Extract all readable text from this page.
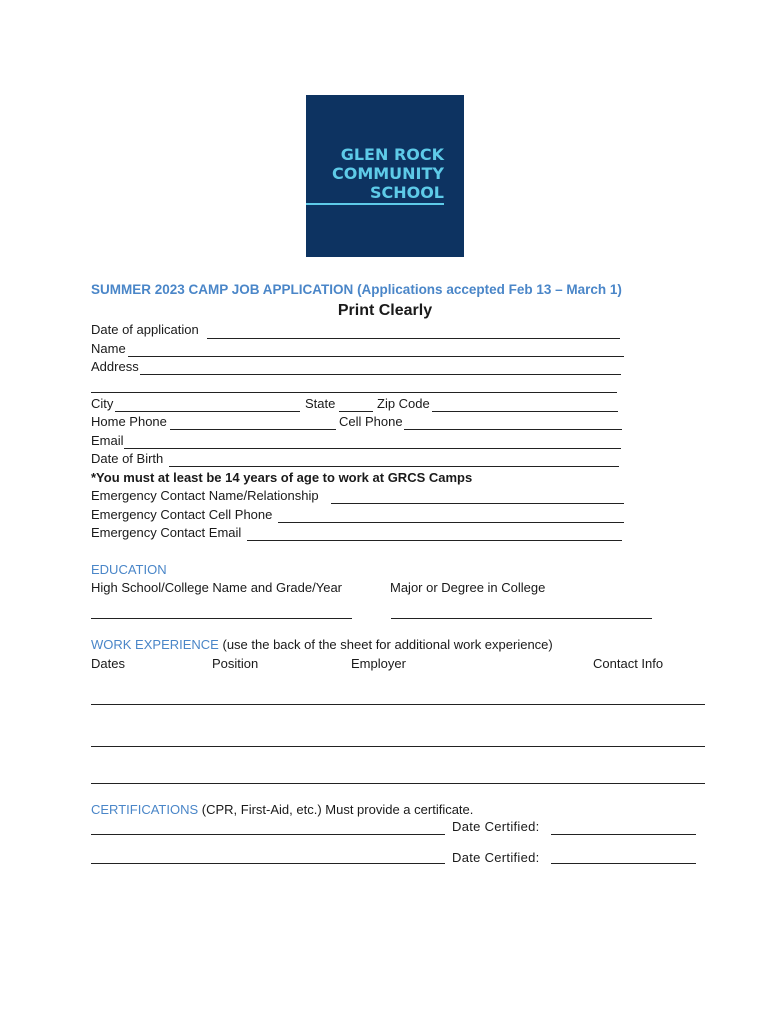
GLEN ROCK
COMMUNITY
SCHOOL
SUMMER 2023 CAMP JOB APPLICATION (Applications accepted Feb 13 – March 1)
Print Clearly
Date of application
Name
Address
City	State	Zip Code
Home Phone	Cell Phone
Email
Date of Birth
*You must at least be 14 years of age to work at GRCS Camps
Emergency Contact Name/Relationship
Emergency Contact Cell Phone
Emergency Contact Email
EDUCATION
High School/College Name and Grade/Year	Major or Degree in College
WORK EXPERIENCE (use the back of the sheet for additional work experience)
Dates	Position	Employer	Contact Info
CERTIFICATIONS (CPR, First-Aid, etc.) Must provide a certificate.
Date Certified:
Date Certified:
